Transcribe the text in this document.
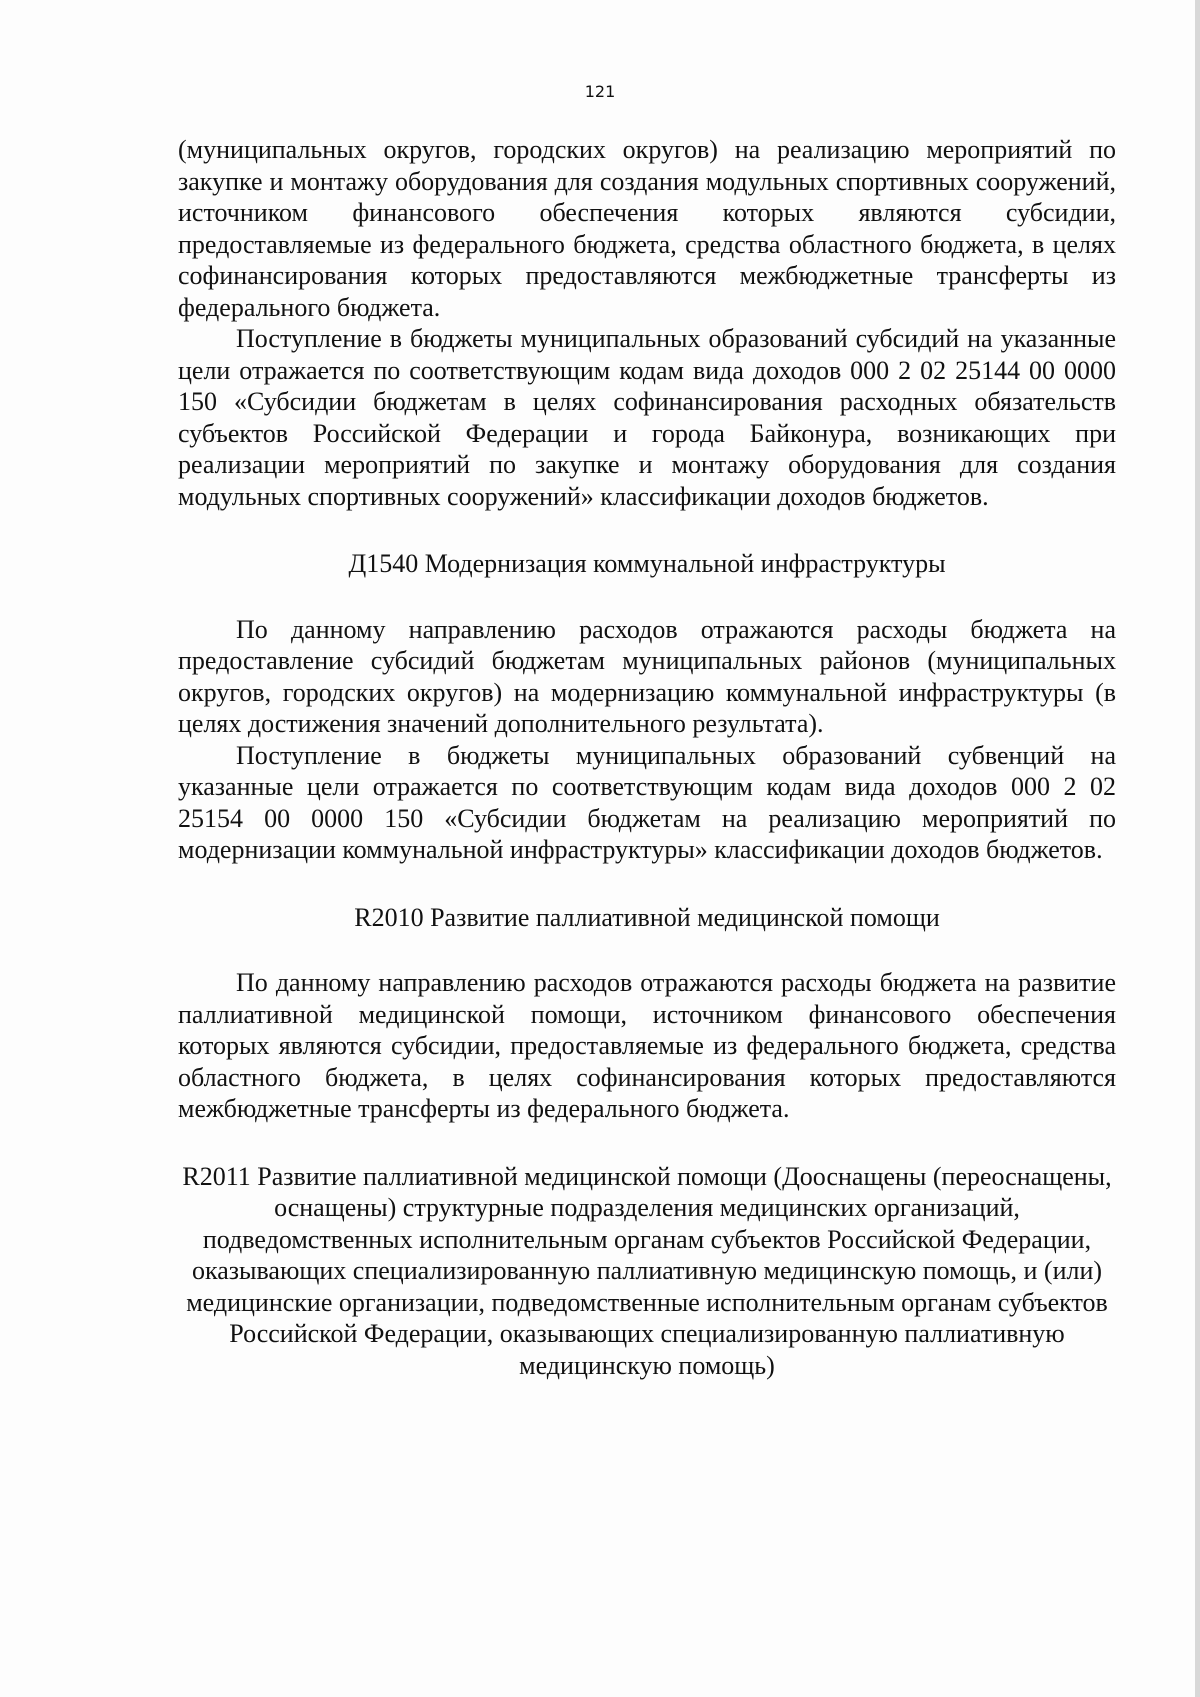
121

(муниципальных округов, городских округов) на реализацию мероприятий по закупке и монтажу оборудования для создания модульных спортивных сооружений, источником финансового обеспечения которых являются субсидии, предоставляемые из федерального бюджета, средства областного бюджета, в целях софинансирования которых предоставляются межбюджетные трансферты из федерального бюджета.

Поступление в бюджеты муниципальных образований субсидий на указанные цели отражается по соответствующим кодам вида доходов 000 2 02 25144 00 0000 150 «Субсидии бюджетам в целях софинансирования расходных обязательств субъектов Российской Федерации и города Байконура, возникающих при реализации мероприятий по закупке и монтажу оборудования для создания модульных спортивных сооружений» классификации доходов бюджетов.

Д1540 Модернизация коммунальной инфраструктуры

По данному направлению расходов отражаются расходы бюджета на предоставление субсидий бюджетам муниципальных районов (муниципальных округов, городских округов) на модернизацию коммунальной инфраструктуры (в целях достижения значений дополнительного результата).

Поступление в бюджеты муниципальных образований субвенций на указанные цели отражается по соответствующим кодам вида доходов 000 2 02 25154 00 0000 150 «Субсидии бюджетам на реализацию мероприятий по модернизации коммунальной инфраструктуры» классификации доходов бюджетов.

R2010 Развитие паллиативной медицинской помощи

По данному направлению расходов отражаются расходы бюджета на развитие паллиативной медицинской помощи, источником финансового обеспечения которых являются субсидии, предоставляемые из федерального бюджета, средства областного бюджета, в целях софинансирования которых предоставляются межбюджетные трансферты из федерального бюджета.

R2011 Развитие паллиативной медицинской помощи (Дооснащены (переоснащены, оснащены) структурные подразделения медицинских организаций, подведомственных исполнительным органам субъектов Российской Федерации, оказывающих специализированную паллиативную медицинскую помощь, и (или) медицинские организации, подведомственные исполнительным органам субъектов Российской Федерации, оказывающих специализированную паллиативную медицинскую помощь)
